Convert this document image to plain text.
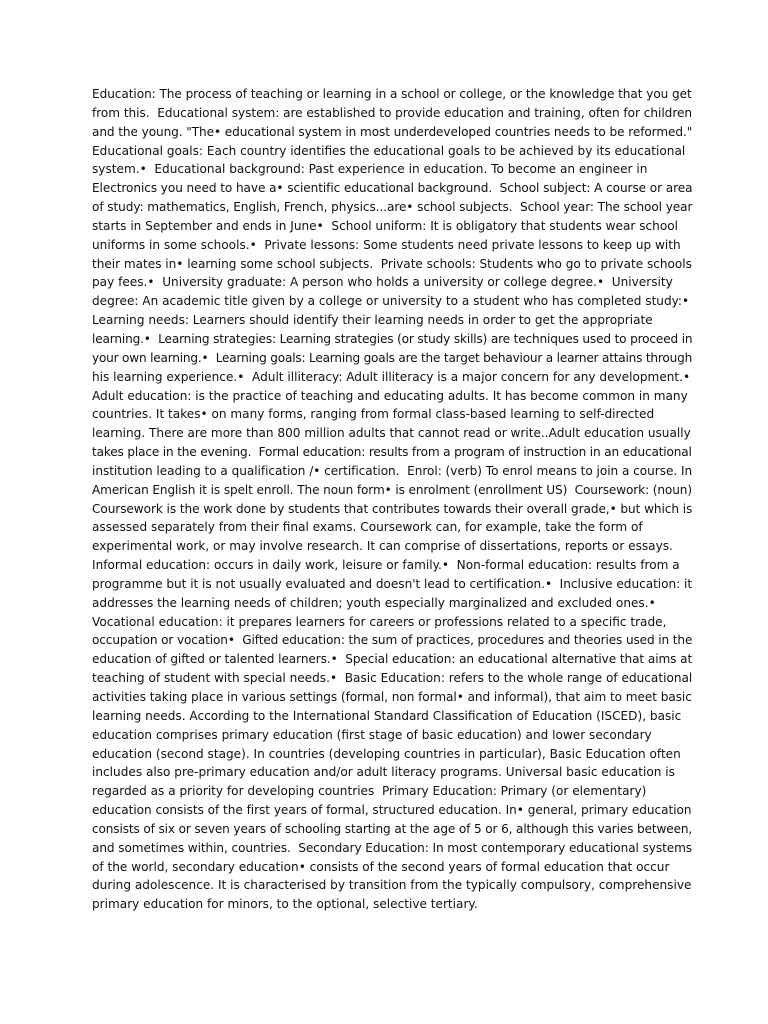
Education: The process of teaching or learning in a school or college, or the knowledge that you get
from this.  Educational system: are established to provide education and training, often for children
and the young. "The• educational system in most underdeveloped countries needs to be reformed."
Educational goals: Each country identifies the educational goals to be achieved by its educational
system.•  Educational background: Past experience in education. To become an engineer in
Electronics you need to have a• scientific educational background.  School subject: A course or area
of study: mathematics, English, French, physics...are• school subjects.  School year: The school year
starts in September and ends in June•  School uniform: It is obligatory that students wear school
uniforms in some schools.•  Private lessons: Some students need private lessons to keep up with
their mates in• learning some school subjects.  Private schools: Students who go to private schools
pay fees.•  University graduate: A person who holds a university or college degree.•  University
degree: An academic title given by a college or university to a student who has completed study:•
Learning needs: Learners should identify their learning needs in order to get the appropriate
learning.•  Learning strategies: Learning strategies (or study skills) are techniques used to proceed in
your own learning.•  Learning goals: Learning goals are the target behaviour a learner attains through
his learning experience.•  Adult illiteracy: Adult illiteracy is a major concern for any development.•
Adult education: is the practice of teaching and educating adults. It has become common in many
countries. It takes• on many forms, ranging from formal class-based learning to self-directed
learning. There are more than 800 million adults that cannot read or write..Adult education usually
takes place in the evening.  Formal education: results from a program of instruction in an educational
institution leading to a qualification /• certification.  Enrol: (verb) To enrol means to join a course. In
American English it is spelt enroll. The noun form• is enrolment (enrollment US)  Coursework: (noun)
Coursework is the work done by students that contributes towards their overall grade,• but which is
assessed separately from their final exams. Coursework can, for example, take the form of
experimental work, or may involve research. It can comprise of dissertations, reports or essays.
Informal education: occurs in daily work, leisure or family.•  Non-formal education: results from a
programme but it is not usually evaluated and doesn't lead to certification.•  Inclusive education: it
addresses the learning needs of children; youth especially marginalized and excluded ones.•
Vocational education: it prepares learners for careers or professions related to a specific trade,
occupation or vocation•  Gifted education: the sum of practices, procedures and theories used in the
education of gifted or talented learners.•  Special education: an educational alternative that aims at
teaching of student with special needs.•  Basic Education: refers to the whole range of educational
activities taking place in various settings (formal, non formal• and informal), that aim to meet basic
learning needs. According to the International Standard Classification of Education (ISCED), basic
education comprises primary education (first stage of basic education) and lower secondary
education (second stage). In countries (developing countries in particular), Basic Education often
includes also pre-primary education and/or adult literacy programs. Universal basic education is
regarded as a priority for developing countries  Primary Education: Primary (or elementary)
education consists of the first years of formal, structured education. In• general, primary education
consists of six or seven years of schooling starting at the age of 5 or 6, although this varies between,
and sometimes within, countries.  Secondary Education: In most contemporary educational systems
of the world, secondary education• consists of the second years of formal education that occur
during adolescence. It is characterised by transition from the typically compulsory, comprehensive
primary education for minors, to the optional, selective tertiary.
